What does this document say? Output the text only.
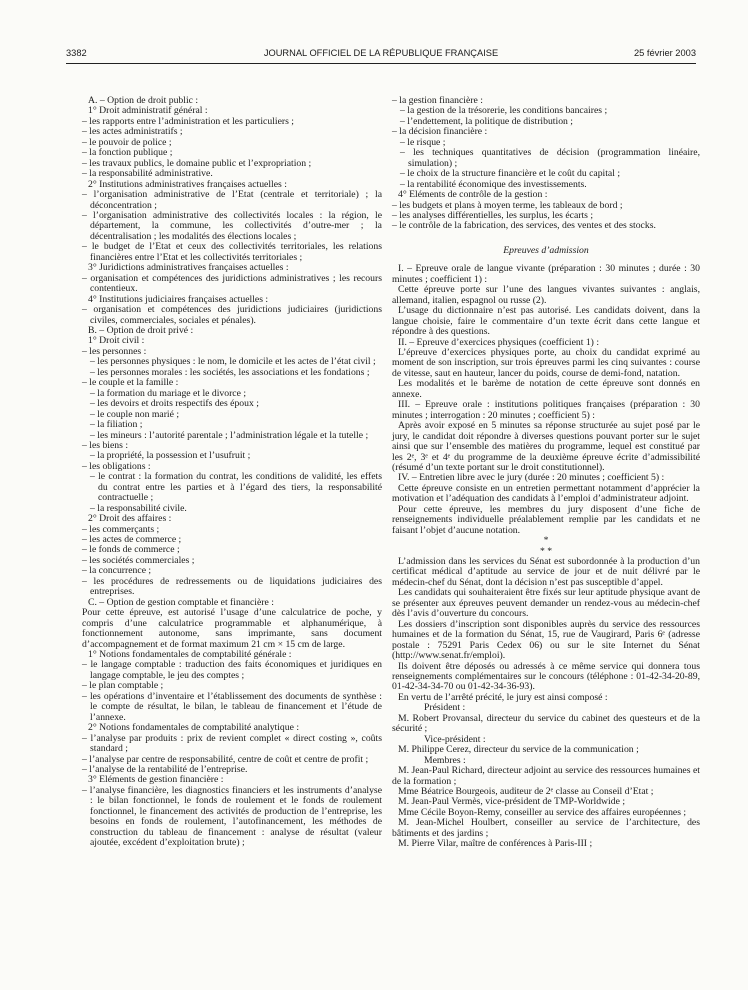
3382	JOURNAL OFFICIEL DE LA RÉPUBLIQUE FRANÇAISE	25 février 2003

A. – Option de droit public :

1° Droit administratif général :

– les rapports entre l’administration et les particuliers ;

– les actes administratifs ;

– le pouvoir de police ;

– la fonction publique ;

– les travaux publics, le domaine public et l’expropriation ;

– la responsabilité administrative.

2° Institutions administratives françaises actuelles :

– l’organisation administrative de l’Etat (centrale et territoriale) ; la déconcentration ;

– l’organisation administrative des collectivités locales : la région, le département, la commune, les collectivités d’outre-mer ; la décentralisation ; les modalités des élections locales ;

– le budget de l’Etat et ceux des collectivités territoriales, les relations financières entre l’Etat et les collectivités territoriales ;

3° Juridictions administratives françaises actuelles :

– organisation et compétences des juridictions administratives ; les recours contentieux.

4° Institutions judiciaires françaises actuelles :

– organisation et compétences des juridictions judiciaires (juridictions civiles, commerciales, sociales et pénales).

B. – Option de droit privé :

1° Droit civil :

– les personnes :

– les personnes physiques : le nom, le domicile et les actes de l’état civil ;

– les personnes morales : les sociétés, les associations et les fondations ;

– le couple et la famille :

– la formation du mariage et le divorce ;

– les devoirs et droits respectifs des époux ;

– le couple non marié ;

– la filiation ;

– les mineurs : l’autorité parentale ; l’administration légale et la tutelle ;

– les biens :

– la propriété, la possession et l’usufruit ;

– les obligations :

– le contrat : la formation du contrat, les conditions de validité, les effets du contrat entre les parties et à l’égard des tiers, la responsabilité contractuelle ;

– la responsabilité civile.

2° Droit des affaires :

– les commerçants ;

– les actes de commerce ;

– le fonds de commerce ;

– les sociétés commerciales ;

– la concurrence ;

– les procédures de redressements ou de liquidations judiciaires des entreprises.

C. – Option de gestion comptable et financière :

Pour cette épreuve, est autorisé l’usage d’une calculatrice de poche, y compris d’une calculatrice programmable et alphanumérique, à fonctionnement autonome, sans imprimante, sans document d’accompagnement et de format maximum 21 cm × 15 cm de large.

1° Notions fondamentales de comptabilité générale :

– le langage comptable : traduction des faits économiques et juridiques en langage comptable, le jeu des comptes ;

– le plan comptable ;

– les opérations d’inventaire et l’établissement des documents de synthèse : le compte de résultat, le bilan, le tableau de financement et l’étude de l’annexe.

2° Notions fondamentales de comptabilité analytique :

– l’analyse par produits : prix de revient complet « direct costing », coûts standard ;

– l’analyse par centre de responsabilité, centre de coût et centre de profit ;

– l’analyse de la rentabilité de l’entreprise.

3° Eléments de gestion financière :

– l’analyse financière, les diagnostics financiers et les instruments d’analyse : le bilan fonctionnel, le fonds de roulement et le fonds de roulement fonctionnel, le financement des activités de production de l’entreprise, les besoins en fonds de roulement, l’autofinancement, les méthodes de construction du tableau de financement : analyse de résultat (valeur ajoutée, excédent d’exploitation brute) ;

– la gestion financière :

– la gestion de la trésorerie, les conditions bancaires ;

– l’endettement, la politique de distribution ;

– la décision financière :

– le risque ;

– les techniques quantitatives de décision (programmation linéaire, simulation) ;

– le choix de la structure financière et le coût du capital ;

– la rentabilité économique des investissements.

4° Eléments de contrôle de la gestion :

– les budgets et plans à moyen terme, les tableaux de bord ;

– les analyses différentielles, les surplus, les écarts ;

– le contrôle de la fabrication, des services, des ventes et des stocks.

Epreuves d’admission

I. – Epreuve orale de langue vivante (préparation : 30 minutes ; durée : 30 minutes ; coefficient 1) :

Cette épreuve porte sur l’une des langues vivantes suivantes : anglais, allemand, italien, espagnol ou russe (2).

L’usage du dictionnaire n’est pas autorisé. Les candidats doivent, dans la langue choisie, faire le commentaire d’un texte écrit dans cette langue et répondre à des questions.

II. – Epreuve d’exercices physiques (coefficient 1) :

L’épreuve d’exercices physiques porte, au choix du candidat exprimé au moment de son inscription, sur trois épreuves parmi les cinq suivantes : course de vitesse, saut en hauteur, lancer du poids, course de demi-fond, natation.

Les modalités et le barème de notation de cette épreuve sont donnés en annexe.

III. – Epreuve orale : institutions politiques françaises (préparation : 30 minutes ; interrogation : 20 minutes ; coefficient 5) :

Après avoir exposé en 5 minutes sa réponse structurée au sujet posé par le jury, le candidat doit répondre à diverses questions pouvant porter sur le sujet ainsi que sur l’ensemble des matières du programme, lequel est constitué par les 2ᵉ, 3ᵉ et 4ᵉ du programme de la deuxième épreuve écrite d’admissibilité (résumé d’un texte portant sur le droit constitutionnel).

IV. – Entretien libre avec le jury (durée : 20 minutes ; coefficient 5) :

Cette épreuve consiste en un entretien permettant notamment d’apprécier la motivation et l’adéquation des candidats à l’emploi d’administrateur adjoint.

Pour cette épreuve, les membres du jury disposent d’une fiche de renseignements individuelle préalablement remplie par les candidats et ne faisant l’objet d’aucune notation.

*

* *

L’admission dans les services du Sénat est subordonnée à la production d’un certificat médical d’aptitude au service de jour et de nuit délivré par le médecin-chef du Sénat, dont la décision n’est pas susceptible d’appel.

Les candidats qui souhaiteraient être fixés sur leur aptitude physique avant de se présenter aux épreuves peuvent demander un rendez-vous au médecin-chef dès l’avis d’ouverture du concours.

Les dossiers d’inscription sont disponibles auprès du service des ressources humaines et de la formation du Sénat, 15, rue de Vaugirard, Paris 6ᵉ (adresse postale : 75291 Paris Cedex 06) ou sur le site Internet du Sénat (http://www.senat.fr/emploi).

Ils doivent être déposés ou adressés à ce même service qui donnera tous renseignements complémentaires sur le concours (téléphone : 01-42-34-20-89, 01-42-34-34-70 ou 01-42-34-36-93).

En vertu de l’arrêté précité, le jury est ainsi composé :

Président :

M. Robert Provansal, directeur du service du cabinet des questeurs et de la sécurité ;

Vice-président :

M. Philippe Cerez, directeur du service de la communication ;

Membres :

M. Jean-Paul Richard, directeur adjoint au service des ressources humaines et de la formation ;

Mme Béatrice Bourgeois, auditeur de 2ᵉ classe au Conseil d’Etat ;

M. Jean-Paul Vermès, vice-président de TMP-Worldwide ;

Mme Cécile Boyon-Remy, conseiller au service des affaires européennes ;

M. Jean-Michel Houlbert, conseiller au service de l’architecture, des bâtiments et des jardins ;

M. Pierre Vilar, maître de conférences à Paris-III ;
